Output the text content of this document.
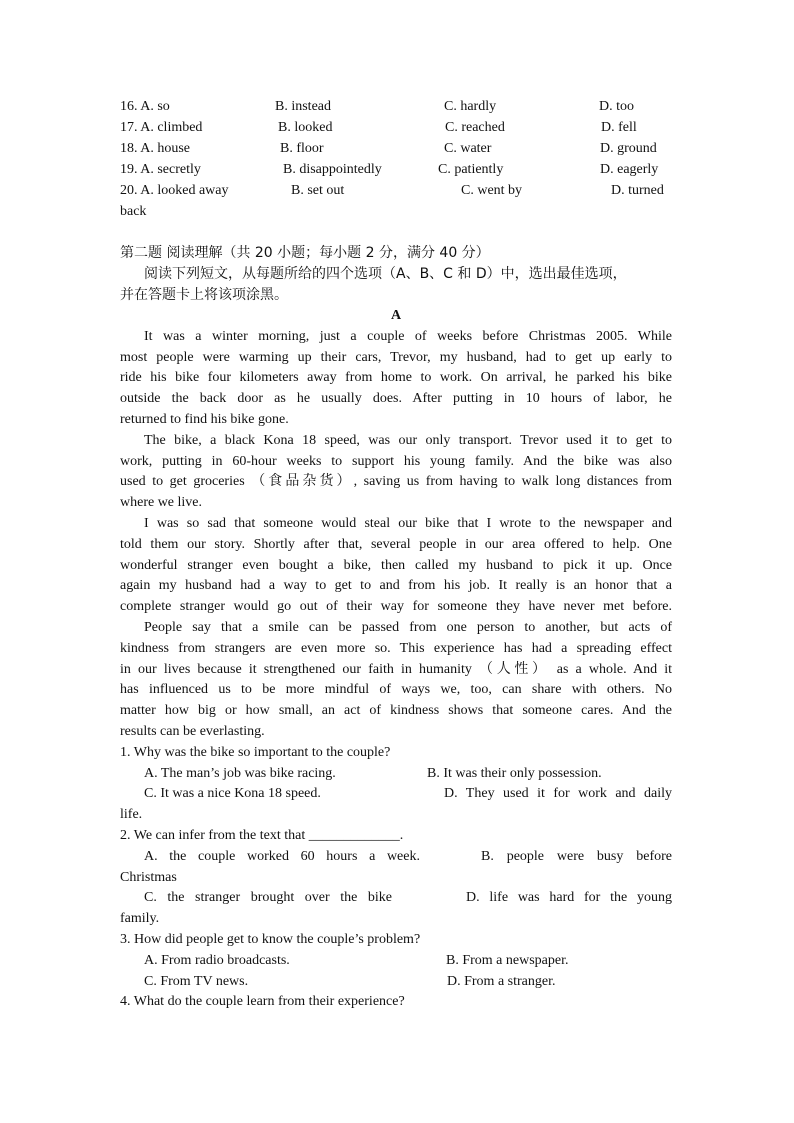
16. A. so	B. instead	C. hardly	D. too
17. A. climbed	B. looked	C. reached	D. fell
18. A. house	B. floor	C. water	D. ground
19. A. secretly	B. disappointedly	C. patiently	D. eagerly
20. A. looked away	B. set out	C. went by	D. turned
back
第二题 阅读理解（共 20 小题；每小题 2 分，满分 40 分）
阅读下列短文，从每题所给的四个选项（A、B、C 和 D）中，选出最佳选项，
并在答题卡上将该项涂黑。
A
It was a winter morning, just a couple of weeks before Christmas 2005. While
most people were warming up their cars, Trevor, my husband, had to get up early to
ride his bike four kilometers away from home to work. On arrival, he parked his bike
outside the back door as he usually does. After putting in 10 hours of labor, he
returned to find his bike gone.
The bike, a black Kona 18 speed, was our only transport. Trevor used it to get to
work, putting in 60-hour weeks to support his young family. And the bike was also
used to get groceries （食品杂货）, saving us from having to walk long distances from
where we live.
I was so sad that someone would steal our bike that I wrote to the newspaper and
told them our story. Shortly after that, several people in our area offered to help. One
wonderful stranger even bought a bike, then called my husband to pick it up. Once
again my husband had a way to get to and from his job. It really is an honor that a
complete stranger would go out of their way for someone they have never met before.
People say that a smile can be passed from one person to another, but acts of
kindness from strangers are even more so. This experience has had a spreading effect
in our lives because it strengthened our faith in humanity （人性） as a whole. And it
has influenced us to be more mindful of ways we, too, can share with others. No
matter how big or how small, an act of kindness shows that someone cares. And the
results can be everlasting.
1. Why was the bike so important to the couple?
A. The man’s job was bike racing.	B. It was their only possession.
C. It was a nice Kona 18 speed.	D. They used it for work and daily
life.
2. We can infer from the text that _____________.
A. the couple worked 60 hours a week.	B. people were busy before
Christmas
C. the stranger brought over the bike	D. life was hard for the young
family.
3. How did people get to know the couple’s problem?
A. From radio broadcasts.	B. From a newspaper.
C. From TV news.	D. From a stranger.
4. What do the couple learn from their experience?
